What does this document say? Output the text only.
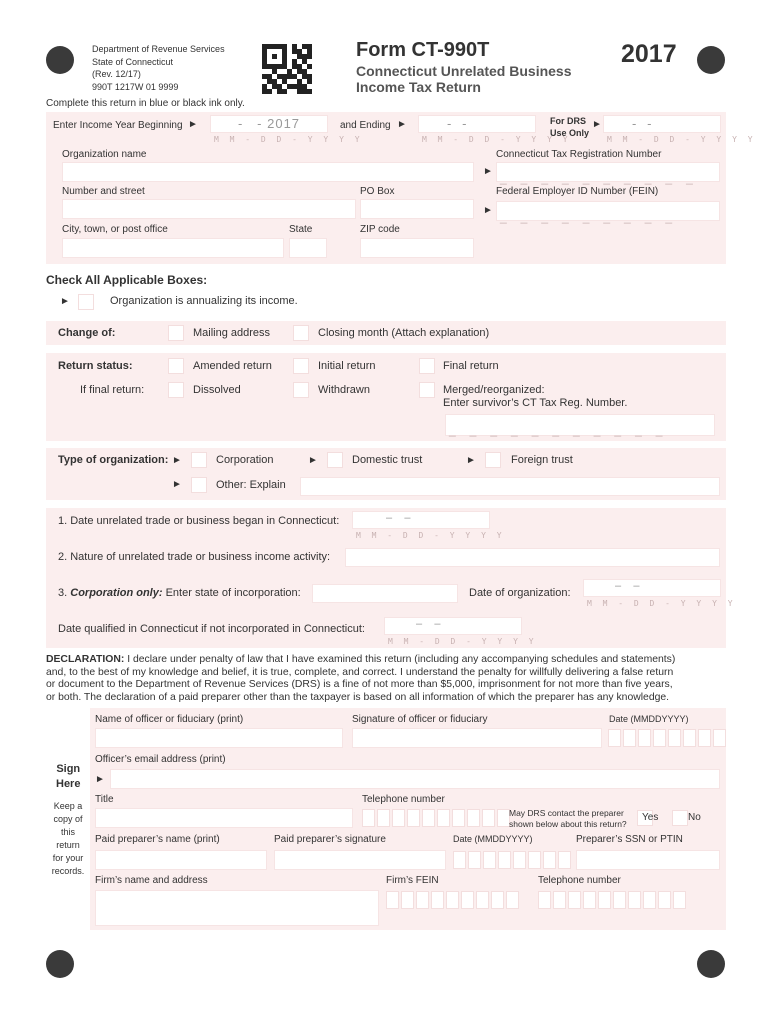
Department of Revenue Services
State of Connecticut
(Rev. 12/17)
990T 1217W 01 9999
Form CT-990T
Connecticut Unrelated Business
Income Tax Return
2017
Complete this return in blue or black ink only.
Enter Income Year Beginning ►	-   - 2017
M M - D D - Y Y Y Y
and Ending ►	-   -
M M - D D - Y Y Y Y
For DRS
Use Only
► -   -
M M - D D - Y Y Y Y
Organization name	Connecticut Tax Registration Number
► __________
Number and street	PO Box	Federal Employer ID Number (FEIN)
► _________
City, town, or post office	State	ZIP code
Check All Applicable Boxes:
►	Organization is annualizing its income.
Change of:	Mailing address	Closing month (Attach explanation)
Return status:	Amended return	Initial return	Final return
If final return:	Dissolved	Withdrawn	Merged/reorganized:
Enter survivor’s CT Tax Reg. Number.
___________
Type of organization: ►	Corporation	►	Domestic trust	►	Foreign trust
►	Other: Explain
1. Date unrelated trade or business began in Connecticut:	–    –
M M - D D - Y Y Y Y
2. Nature of unrelated trade or business income activity:
3. Corporation only: Enter state of incorporation:	Date of organization:
–    –
M M - D D - Y Y Y Y
Date qualified in Connecticut if not incorporated in Connecticut:	–    –
M M - D D - Y Y Y Y
DECLARATION: I declare under penalty of law that I have examined this return (including any accompanying schedules and statements)
and, to the best of my knowledge and belief, it is true, complete, and correct. I understand the penalty for willfully delivering a false return
or document to the Department of Revenue Services (DRS) is a fine of not more than $5,000, imprisonment for not more than five years,
or both. The declaration of a paid preparer other than the taxpayer is based on all information of which the preparer has any knowledge.
Sign
Here
Keep a
copy of
this
return
for your
records.
Name of officer or fiduciary (print)	Signature of officer or fiduciary	Date (MMDDYYYY)
Officer’s email address (print)
►
Title	Telephone number
May DRS contact the preparer
shown below about this return?
Yes	No
Paid preparer’s name (print)	Paid preparer’s signature	Date (MMDDYYYY)	Preparer’s SSN or PTIN
Firm’s name and address	Firm’s FEIN	Telephone number
